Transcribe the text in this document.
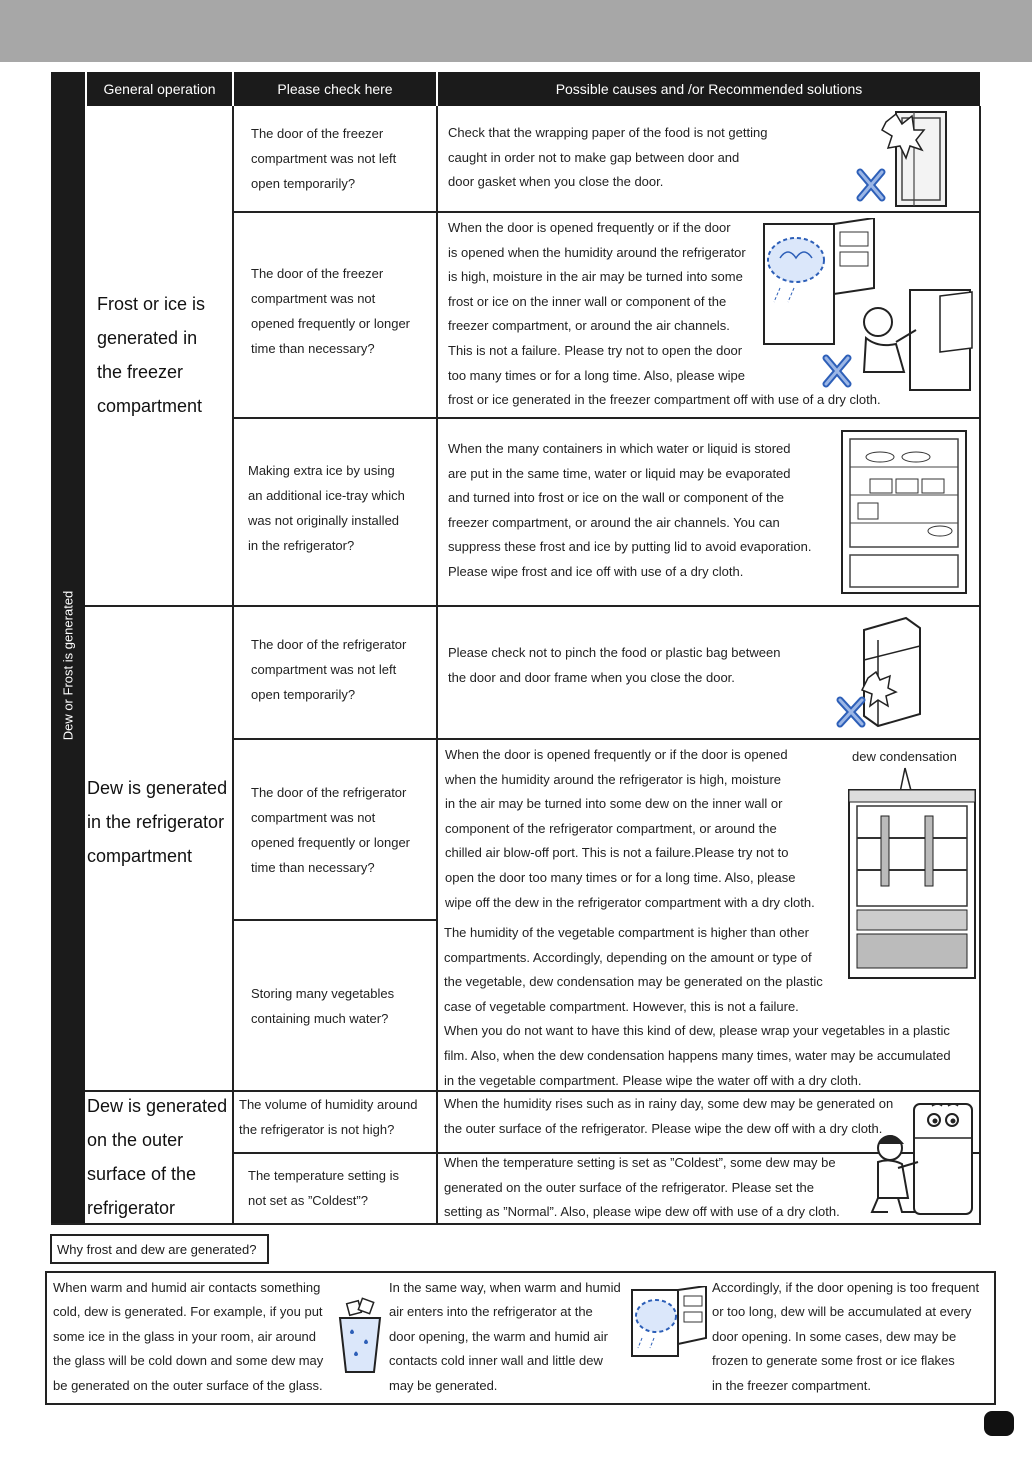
General operation	Please check here	Possible causes and /or Recommended solutions
Dew or Frost is generated

Frost or ice is

generated in

the freezer

compartment

Dew is generated

in the refrigerator

compartment

Dew is generated

on the outer

surface of the

refrigerator

The door of the freezer

compartment was not left

open temporarily?

The door of the freezer

compartment was not

opened frequently or longer

time than necessary?

Making extra ice by using

an additional ice-tray which

was not originally installed

in the refrigerator?

The door of the refrigerator

compartment was not left

open temporarily?

The door of the refrigerator

compartment was not

opened frequently or longer

time than necessary?

Storing many vegetables

containing much water?

The volume of humidity around

the refrigerator is not high?

The temperature setting is

not set as ”Coldest”?

Check that the wrapping paper of the food is not getting

caught in order not to make gap between door and

door gasket when you close the door.

When the door is opened frequently or if the door

is opened when the humidity around the refrigerator

is high, moisture in the air may be turned into some

frost or ice on the inner wall or component of the

freezer compartment, or around the air channels.

This is not a failure. Please try not to open the door

too many times or for a long time. Also, please wipe

frost or ice generated in the freezer compartment off with use of a dry cloth.

When the many containers in which water or liquid is stored

are put in the same time, water or liquid may be evaporated

and turned into frost or ice on the wall or component of the

freezer compartment, or around the air channels. You can

suppress these frost and ice by putting lid to avoid evaporation.

Please wipe frost and ice off with use of a dry cloth.

Please check not to pinch the food or plastic bag between

the door and door frame when you close the door.

When the door is opened frequently or if the door is opened

when the humidity around the refrigerator is high, moisture

in the air may be turned into some dew on the inner wall or

component of the refrigerator compartment, or around the

chilled air blow-off port. This is not a failure.Please try not to

open the door too many times or for a long time. Also, please

wipe off the dew in the refrigerator compartment with a dry cloth.

The humidity of the vegetable compartment is higher than other

compartments. Accordingly, depending on the amount or type of

the vegetable, dew condensation may be generated on the plastic

case of vegetable compartment. However, this is not a failure.

When you do not want to have this kind of dew, please wrap your vegetables in a plastic

film. Also, when the dew condensation happens many times, water may be accumulated

in the vegetable compartment. Please wipe the water off with a dry cloth.

When the humidity rises such as in rainy day, some dew may be generated on

the outer surface of the refrigerator. Please wipe the dew off with a dry cloth.

When the temperature setting is set as ”Coldest”, some dew may be

generated on the outer surface of the refrigerator. Please set the

setting as ”Normal”. Also, please wipe dew off with use of a dry cloth.

dew condensation
Why frost and dew are generated?

When warm and humid air contacts something

cold, dew is generated. For example, if you put

some ice in the glass in your room, air around

the glass will be cold down and some dew may

be generated on the outer surface of the glass.

In the same way, when warm and humid

air enters into the refrigerator at the

door opening, the warm and humid air

contacts cold inner wall and little dew

may be generated.

Accordingly, if the door opening is too frequent

or too long, dew will be accumulated at every

door opening. In some cases, dew may be

frozen to generate some frost or ice flakes

in the freezer compartment.
